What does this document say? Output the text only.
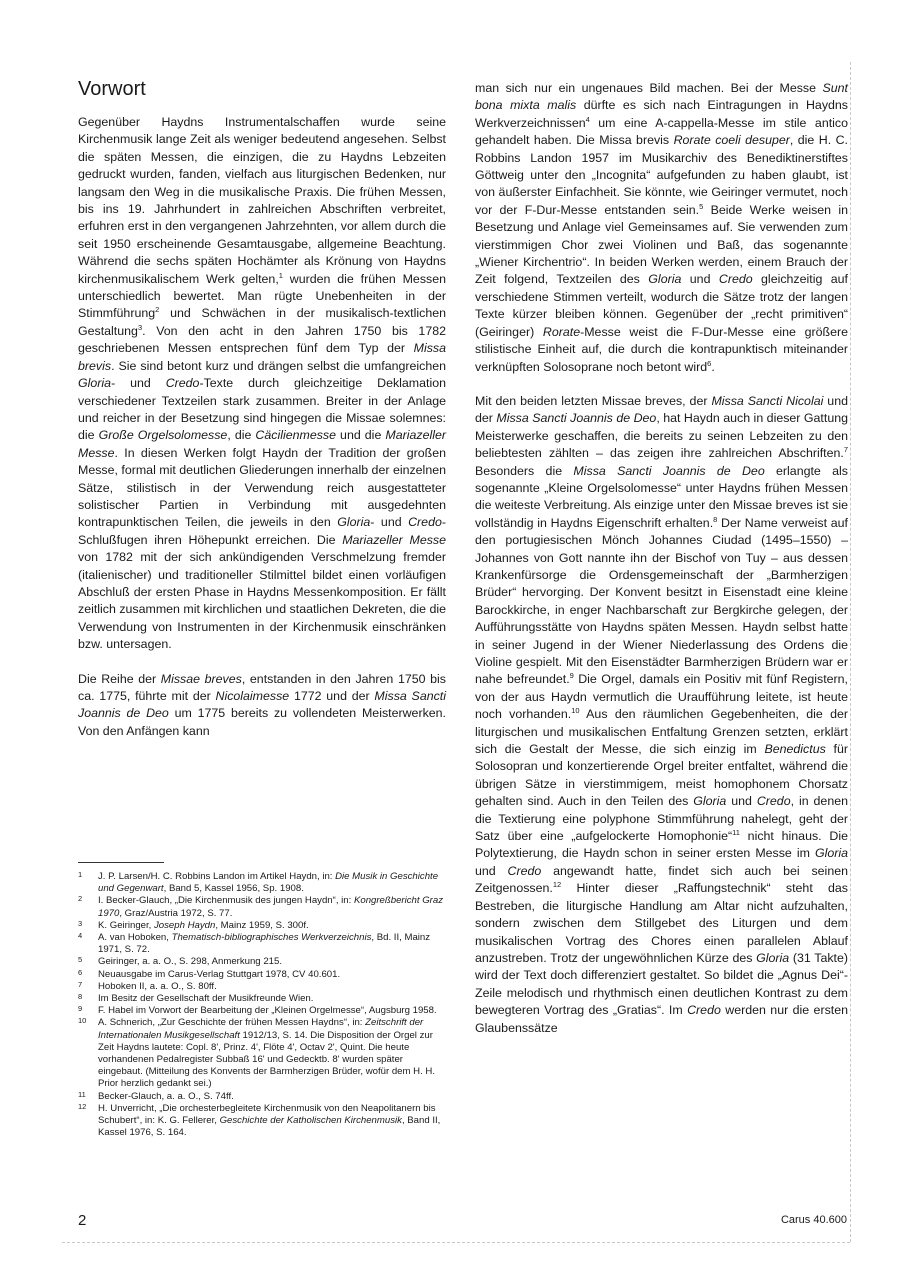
Vorwort

Gegenüber Haydns Instrumentalschaffen wurde seine Kirchenmusik lange Zeit als weniger bedeutend angesehen. Selbst die späten Messen, die einzigen, die zu Haydns Lebzeiten gedruckt wurden, fanden, vielfach aus liturgischen Bedenken, nur langsam den Weg in die musikalische Praxis. Die frühen Messen, bis ins 19. Jahrhundert in zahlreichen Abschriften verbreitet, erfuhren erst in den vergangenen Jahrzehnten, vor allem durch die seit 1950 erscheinende Gesamtausgabe, allgemeine Beachtung. Während die sechs späten Hochämter als Krönung von Haydns kirchenmusikalischem Werk gelten,$^1$ wurden die frühen Messen unterschiedlich bewertet. Man rügte Unebenheiten in der Stimmführung$^2$ und Schwächen in der musikalisch-textlichen Gestaltung$^3$. Von den acht in den Jahren 1750 bis 1782 geschriebenen Messen entsprechen fünf dem Typ der Missa brevis. Sie sind betont kurz und drängen selbst die umfangreichen Gloria- und Credo-Texte durch gleichzeitige Deklamation verschiedener Textzeilen stark zusammen. Breiter in der Anlage und reicher in der Besetzung sind hingegen die Missae solemnes: die Große Orgelsolomesse, die Cäcilienmesse und die Mariazeller Messe. In diesen Werken folgt Haydn der Tradition der großen Messe, formal mit deutlichen Gliederungen innerhalb der einzelnen Sätze, stilistisch in der Verwendung reich ausgestatteter solistischer Partien in Verbindung mit ausgedehnten kontrapunktischen Teilen, die jeweils in den Gloria- und Credo-Schlußfugen ihren Höhepunkt erreichen. Die Mariazeller Messe von 1782 mit der sich ankündigenden Verschmelzung fremder (italienischer) und traditioneller Stilmittel bildet einen vorläufigen Abschluß der ersten Phase in Haydns Messenkomposition. Er fällt zeitlich zusammen mit kirchlichen und staatlichen Dekreten, die die Verwendung von Instrumenten in der Kirchenmusik einschränken bzw. untersagen.

Die Reihe der Missae breves, entstanden in den Jahren 1750 bis ca. 1775, führte mit der Nicolaimesse 1772 und der Missa Sancti Joannis de Deo um 1775 bereits zu vollendeten Meisterwerken. Von den Anfängen kann

man sich nur ein ungenaues Bild machen. Bei der Messe Sunt bona mixta malis dürfte es sich nach Eintragungen in Haydns Werkverzeichnissen$^4$ um eine A-cappella-Messe im stile antico gehandelt haben. Die Missa brevis Rorate coeli desuper, die H. C. Robbins Landon 1957 im Musikarchiv des Benediktinerstiftes Göttweig unter den „Incognita“ aufgefunden zu haben glaubt, ist von äußerster Einfachheit. Sie könnte, wie Geiringer vermutet, noch vor der F-Dur-Messe entstanden sein.$^5$ Beide Werke weisen in Besetzung und Anlage viel Gemeinsames auf. Sie verwenden zum vierstimmigen Chor zwei Violinen und Baß, das sogenannte „Wiener Kirchentrio“. In beiden Werken werden, einem Brauch der Zeit folgend, Textzeilen des Gloria und Credo gleichzeitig auf verschiedene Stimmen verteilt, wodurch die Sätze trotz der langen Texte kürzer bleiben können. Gegenüber der „recht primitiven“ (Geiringer) Rorate-Messe weist die F-Dur-Messe eine größere stilistische Einheit auf, die durch die kontrapunktisch miteinander verknüpften Solosoprane noch betont wird$^6$.

Mit den beiden letzten Missae breves, der Missa Sancti Nicolai und der Missa Sancti Joannis de Deo, hat Haydn auch in dieser Gattung Meisterwerke geschaffen, die bereits zu seinen Lebzeiten zu den beliebtesten zählten – das zeigen ihre zahlreichen Abschriften.$^7$ Besonders die Missa Sancti Joannis de Deo erlangte als sogenannte „Kleine Orgelsolomesse“ unter Haydns frühen Messen die weiteste Verbreitung. Als einzige unter den Missae breves ist sie vollständig in Haydns Eigenschrift erhalten.$^8$ Der Name verweist auf den portugiesischen Mönch Johannes Ciudad (1495–1550) – Johannes von Gott nannte ihn der Bischof von Tuy – aus dessen Krankenfürsorge die Ordensgemeinschaft der „Barmherzigen Brüder“ hervorging. Der Konvent besitzt in Eisenstadt eine kleine Barockkirche, in enger Nachbarschaft zur Bergkirche gelegen, der Aufführungsstätte von Haydns späten Messen. Haydn selbst hatte in seiner Jugend in der Wiener Niederlassung des Ordens die Violine gespielt. Mit den Eisenstädter Barmherzigen Brüdern war er nahe befreundet.$^9$ Die Orgel, damals ein Positiv mit fünf Registern, von der aus Haydn vermutlich die Uraufführung leitete, ist heute noch vorhanden.$^{10}$ Aus den räumlichen Gegebenheiten, die der liturgischen und musikalischen Entfaltung Grenzen setzten, erklärt sich die Gestalt der Messe, die sich einzig im Benedictus für Solosopran und konzertierende Orgel breiter entfaltet, während die übrigen Sätze in vierstimmigem, meist homophonem Chorsatz gehalten sind. Auch in den Teilen des Gloria und Credo, in denen die Textierung eine polyphone Stimmführung nahelegt, geht der Satz über eine „aufgelockerte Homophonie“$^{11}$ nicht hinaus. Die Polytextierung, die Haydn schon in seiner ersten Messe im Gloria und Credo angewandt hatte, findet sich auch bei seinen Zeitgenossen.$^{12}$ Hinter dieser „Raffungstechnik“ steht das Bestreben, die liturgische Handlung am Altar nicht aufzuhalten, sondern zwischen dem Stillgebet des Liturgen und dem musikalischen Vortrag des Chores einen parallelen Ablauf anzustreben. Trotz der ungewöhnlichen Kürze des Gloria (31 Takte) wird der Text doch differenziert gestaltet. So bildet die „Agnus Dei“-Zeile melodisch und rhythmisch einen deutlichen Kontrast zu dem bewegteren Vortrag des „Gratias“. Im Credo werden nur die ersten Glaubenssätze

1 J. P. Larsen/H. C. Robbins Landon im Artikel Haydn, in: Die Musik in Geschichte und Gegenwart, Band 5, Kassel 1956, Sp. 1908.
2 I. Becker-Glauch, „Die Kirchenmusik des jungen Haydn“, in: Kongreßbericht Graz 1970, Graz/Austria 1972, S. 77.
3 K. Geiringer, Joseph Haydn, Mainz 1959, S. 300f.
4 A. van Hoboken, Thematisch-bibliographisches Werkverzeichnis, Bd. II, Mainz 1971, S. 72.
5 Geiringer, a. a. O., S. 298, Anmerkung 215.
6 Neuausgabe im Carus-Verlag Stuttgart 1978, CV 40.601.
7 Hoboken II, a. a. O., S. 80ff.
8 Im Besitz der Gesellschaft der Musikfreunde Wien.
9 F. Habel im Vorwort der Bearbeitung der „Kleinen Orgelmesse“, Augsburg 1958.
10 A. Schnerich, „Zur Geschichte der frühen Messen Haydns“, in: Zeitschrift der Internationalen Musikgesellschaft 1912/13, S. 14. Die Disposition der Orgel zur Zeit Haydns lautete: Copl. 8', Prinz. 4', Flöte 4', Octav 2', Quint. Die heute vorhandenen Pedalregister Subbaß 16' und Gedecktb. 8' wurden später eingebaut. (Mitteilung des Konvents der Barmherzigen Brüder, wofür dem H. H. Prior herzlich gedankt sei.)
11 Becker-Glauch, a. a. O., S. 74ff.
12 H. Unverricht, „Die orchesterbegleitete Kirchenmusik von den Neapolitanern bis Schubert“, in: K. G. Fellerer, Geschichte der Katholischen Kirchenmusik, Band II, Kassel 1976, S. 164.
2	Carus 40.600
